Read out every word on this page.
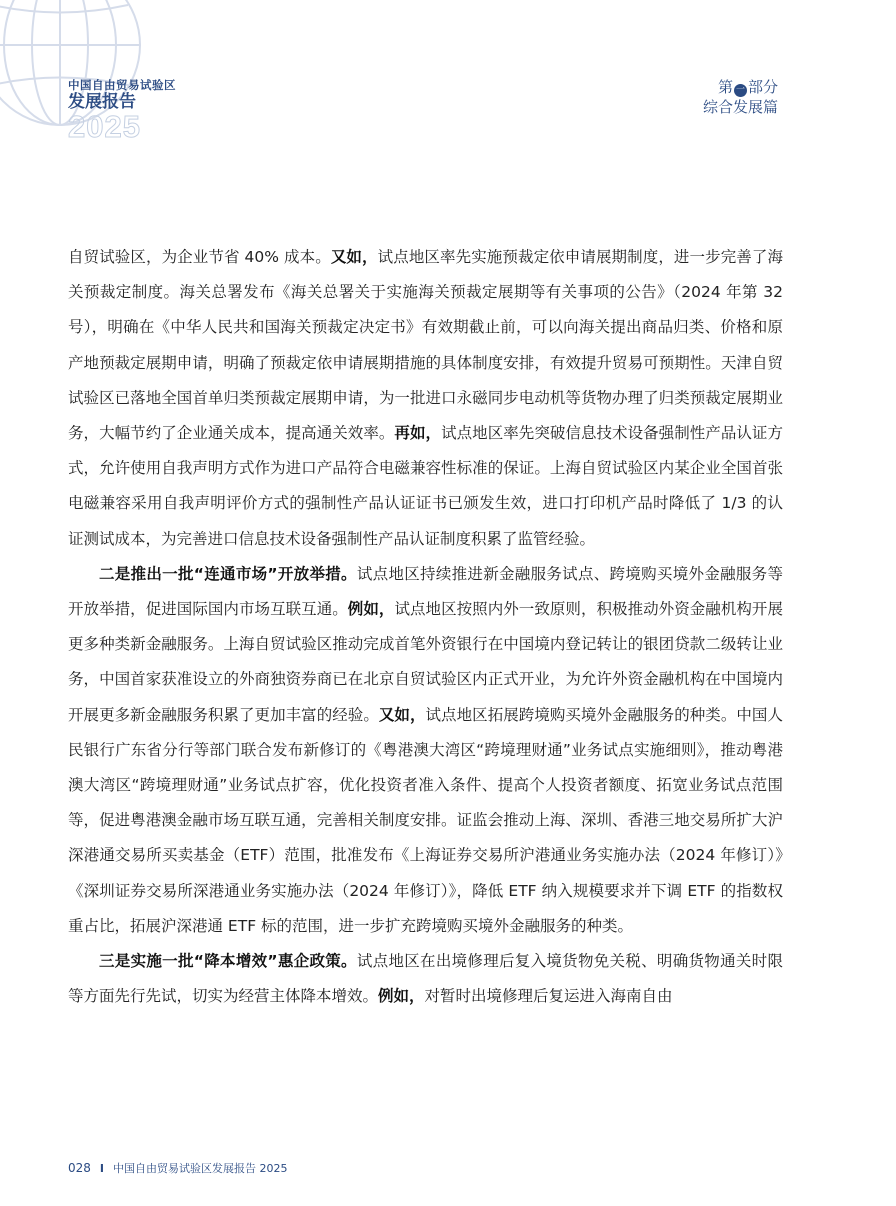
中国自由贸易试验区
发展报告
2025
第 一 部分
综合发展篇

自贸试验区，为企业节省 40% 成本。又如，试点地区率先实施预裁定依申请展期制度，进一步完善了海关预裁定制度。海关总署发布《海关总署关于实施海关预裁定展期等有关事项的公告》（2024 年第 32 号），明确在《中华人民共和国海关预裁定决定书》有效期截止前，可以向海关提出商品归类、价格和原产地预裁定展期申请，明确了预裁定依申请展期措施的具体制度安排，有效提升贸易可预期性。天津自贸试验区已落地全国首单归类预裁定展期申请，为一批进口永磁同步电动机等货物办理了归类预裁定展期业务，大幅节约了企业通关成本，提高通关效率。再如，试点地区率先突破信息技术设备强制性产品认证方式，允许使用自我声明方式作为进口产品符合电磁兼容性标准的保证。上海自贸试验区内某企业全国首张电磁兼容采用自我声明评价方式的强制性产品认证证书已颁发生效，进口打印机产品时降低了 1/3 的认证测试成本，为完善进口信息技术设备强制性产品认证制度积累了监管经验。

二是推出一批“连通市场”开放举措。试点地区持续推进新金融服务试点、跨境购买境外金融服务等开放举措，促进国际国内市场互联互通。例如，试点地区按照内外一致原则，积极推动外资金融机构开展更多种类新金融服务。上海自贸试验区推动完成首笔外资银行在中国境内登记转让的银团贷款二级转让业务，中国首家获准设立的外商独资券商已在北京自贸试验区内正式开业，为允许外资金融机构在中国境内开展更多新金融服务积累了更加丰富的经验。又如，试点地区拓展跨境购买境外金融服务的种类。中国人民银行广东省分行等部门联合发布新修订的《粤港澳大湾区“跨境理财通”业务试点实施细则》，推动粤港澳大湾区“跨境理财通”业务试点扩容，优化投资者准入条件、提高个人投资者额度、拓宽业务试点范围等，促进粤港澳金融市场互联互通，完善相关制度安排。证监会推动上海、深圳、香港三地交易所扩大沪深港通交易所买卖基金（ETF）范围，批准发布《上海证券交易所沪港通业务实施办法（2024 年修订）》《深圳证券交易所深港通业务实施办法（2024 年修订）》，降低 ETF 纳入规模要求并下调 ETF 的指数权重占比，拓展沪深港通 ETF 标的范围，进一步扩充跨境购买境外金融服务的种类。

三是实施一批“降本增效”惠企政策。试点地区在出境修理后复入境货物免关税、明确货物通关时限等方面先行先试，切实为经营主体降本增效。例如，对暂时出境修理后复运进入海南自由

028 I 中国自由贸易试验区发展报告 2025
